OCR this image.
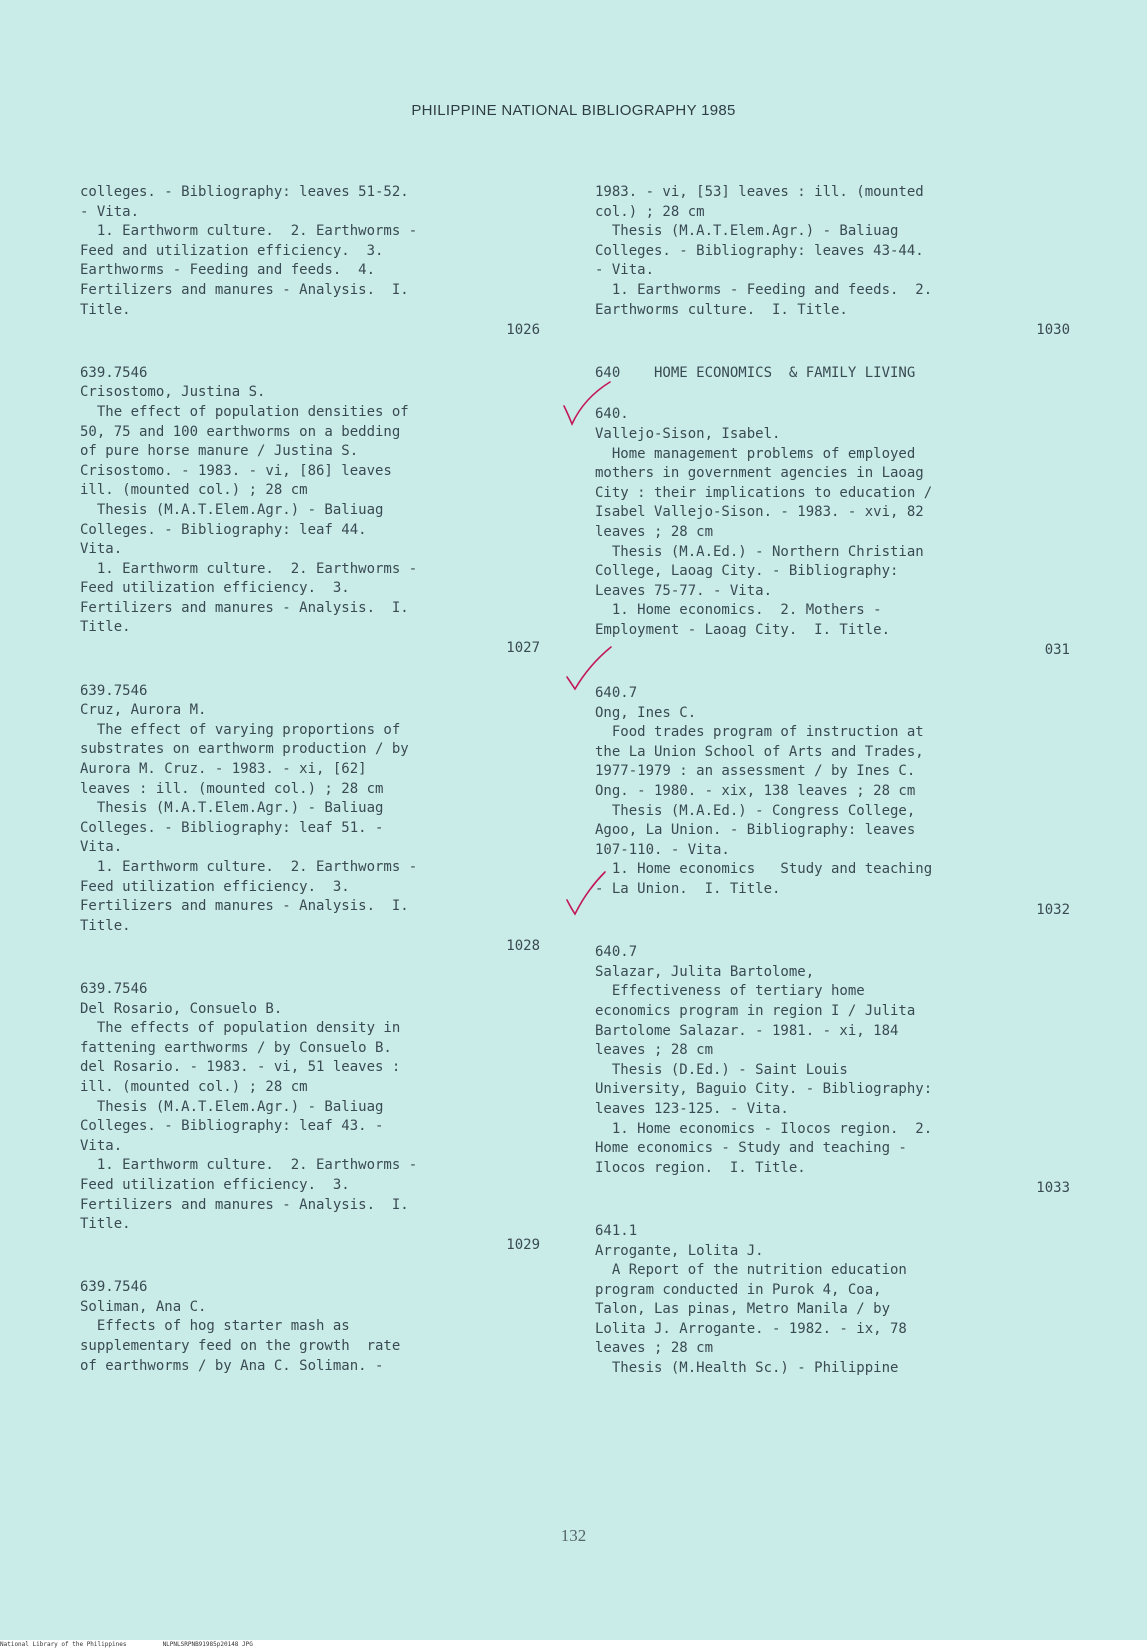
PHILIPPINE NATIONAL BIBLIOGRAPHY 1985
colleges. - Bibliography: leaves 51-52.
- Vita.
1. Earthworm culture.  2. Earthworms -
Feed and utilization efficiency.  3.
Earthworms - Feeding and feeds.  4.
Fertilizers and manures - Analysis.  I.
Title.
1026
639.7546
Crisostomo, Justina S.
The effect of population densities of
50, 75 and 100 earthworms on a bedding
of pure horse manure / Justina S.
Crisostomo. - 1983. - vi, [86] leaves
ill. (mounted col.) ; 28 cm
Thesis (M.A.T.Elem.Agr.) - Baliuag
Colleges. - Bibliography: leaf 44.
Vita.
1. Earthworm culture.  2. Earthworms -
Feed utilization efficiency.  3.
Fertilizers and manures - Analysis.  I.
Title.
1027
639.7546
Cruz, Aurora M.
The effect of varying proportions of
substrates on earthworm production / by
Aurora M. Cruz. - 1983. - xi, [62]
leaves : ill. (mounted col.) ; 28 cm
Thesis (M.A.T.Elem.Agr.) - Baliuag
Colleges. - Bibliography: leaf 51. -
Vita.
1. Earthworm culture.  2. Earthworms -
Feed utilization efficiency.  3.
Fertilizers and manures - Analysis.  I.
Title.
1028
639.7546
Del Rosario, Consuelo B.
The effects of population density in
fattening earthworms / by Consuelo B.
del Rosario. - 1983. - vi, 51 leaves :
ill. (mounted col.) ; 28 cm
Thesis (M.A.T.Elem.Agr.) - Baliuag
Colleges. - Bibliography: leaf 43. -
Vita.
1. Earthworm culture.  2. Earthworms -
Feed utilization efficiency.  3.
Fertilizers and manures - Analysis.  I.
Title.
1029
639.7546
Soliman, Ana C.
Effects of hog starter mash as
supplementary feed on the growth  rate
of earthworms / by Ana C. Soliman. -
1983. - vi, [53] leaves : ill. (mounted
col.) ; 28 cm
Thesis (M.A.T.Elem.Agr.) - Baliuag
Colleges. - Bibliography: leaves 43-44.
- Vita.
1. Earthworms - Feeding and feeds.  2.
Earthworms culture.  I. Title.
1030
640    HOME ECONOMICS  & FAMILY LIVING
640.
Vallejo-Sison, Isabel.
Home management problems of employed
mothers in government agencies in Laoag
City : their implications to education /
Isabel Vallejo-Sison. - 1983. - xvi, 82
leaves ; 28 cm
Thesis (M.A.Ed.) - Northern Christian
College, Laoag City. - Bibliography:
Leaves 75-77. - Vita.
1. Home economics.  2. Mothers -
Employment - Laoag City.  I. Title.
031
640.7
Ong, Ines C.
Food trades program of instruction at
the La Union School of Arts and Trades,
1977-1979 : an assessment / by Ines C.
Ong. - 1980. - xix, 138 leaves ; 28 cm
Thesis (M.A.Ed.) - Congress College,
Agoo, La Union. - Bibliography: leaves
107-110. - Vita.
1. Home economics   Study and teaching
- La Union.  I. Title.
1032
640.7
Salazar, Julita Bartolome,
Effectiveness of tertiary home
economics program in region I / Julita
Bartolome Salazar. - 1981. - xi, 184
leaves ; 28 cm
Thesis (D.Ed.) - Saint Louis
University, Baguio City. - Bibliography:
leaves 123-125. - Vita.
1. Home economics - Ilocos region.  2.
Home economics - Study and teaching -
Ilocos region.  I. Title.
1033
641.1
Arrogante, Lolita J.
A Report of the nutrition education
program conducted in Purok 4, Coa,
Talon, Las pinas, Metro Manila / by
Lolita J. Arrogante. - 1982. - ix, 78
leaves ; 28 cm
Thesis (M.Health Sc.) - Philippine
132
National Library of the Philippines	NLPNLSRPNB91985p20148 JPG
